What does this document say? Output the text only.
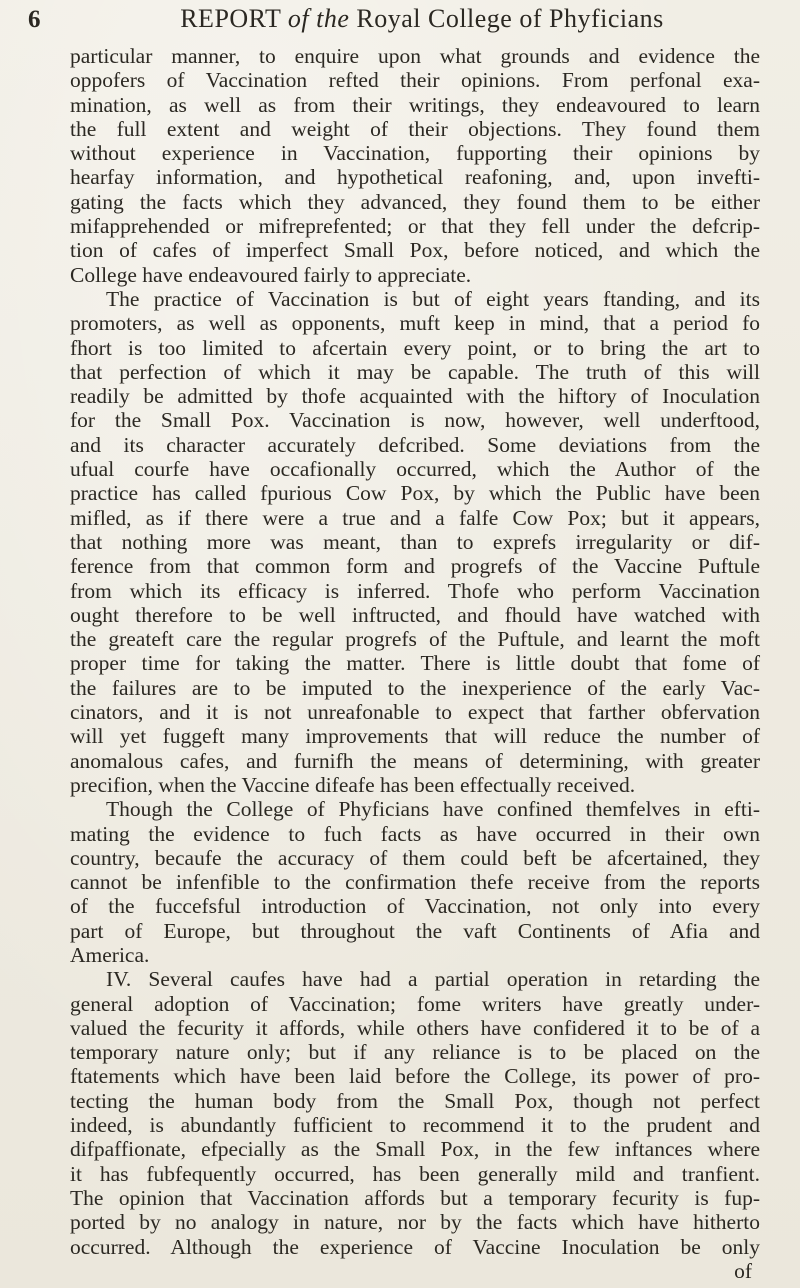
6	REPORT of the Royal College of Phyficians
particular manner, to enquire upon what grounds and evidence the
oppofers of Vaccination refted their opinions. From perfonal exa-
mination, as well as from their writings, they endeavoured to learn
the full extent and weight of their objections. They found them
without experience in Vaccination, fupporting their opinions by
hearfay information, and hypothetical reafoning, and, upon invefti-
gating the facts which they advanced, they found them to be either
mifapprehended or mifreprefented; or that they fell under the defcrip-
tion of cafes of imperfect Small Pox, before noticed, and which the
College have endeavoured fairly to appreciate.
The practice of Vaccination is but of eight years ftanding, and its
promoters, as well as opponents, muft keep in mind, that a period fo
fhort is too limited to afcertain every point, or to bring the art to
that perfection of which it may be capable. The truth of this will
readily be admitted by thofe acquainted with the hiftory of Inoculation
for the Small Pox. Vaccination is now, however, well underftood,
and its character accurately defcribed. Some deviations from the
ufual courfe have occafionally occurred, which the Author of the
practice has called fpurious Cow Pox, by which the Public have been
mifled, as if there were a true and a falfe Cow Pox; but it appears,
that nothing more was meant, than to exprefs irregularity or dif-
ference from that common form and progrefs of the Vaccine Puftule
from which its efficacy is inferred. Thofe who perform Vaccination
ought therefore to be well inftructed, and fhould have watched with
the greateft care the regular progrefs of the Puftule, and learnt the moft
proper time for taking the matter. There is little doubt that fome of
the failures are to be imputed to the inexperience of the early Vac-
cinators, and it is not unreafonable to expect that farther obfervation
will yet fuggeft many improvements that will reduce the number of
anomalous cafes, and furnifh the means of determining, with greater
precifion, when the Vaccine difeafe has been effectually received.
Though the College of Phyficians have confined themfelves in efti-
mating the evidence to fuch facts as have occurred in their own
country, becaufe the accuracy of them could beft be afcertained, they
cannot be infenfible to the confirmation thefe receive from the reports
of the fuccefsful introduction of Vaccination, not only into every
part of Europe, but throughout the vaft Continents of Afia and
America.
IV. Several caufes have had a partial operation in retarding the
general adoption of Vaccination; fome writers have greatly under-
valued the fecurity it affords, while others have confidered it to be of a
temporary nature only; but if any reliance is to be placed on the
ftatements which have been laid before the College, its power of pro-
tecting the human body from the Small Pox, though not perfect
indeed, is abundantly fufficient to recommend it to the prudent and
difpaffionate, efpecially as the Small Pox, in the few inftances where
it has fubfequently occurred, has been generally mild and tranfient.
The opinion that Vaccination affords but a temporary fecurity is fup-
ported by no analogy in nature, nor by the facts which have hitherto
occurred. Although the experience of Vaccine Inoculation be only
of
